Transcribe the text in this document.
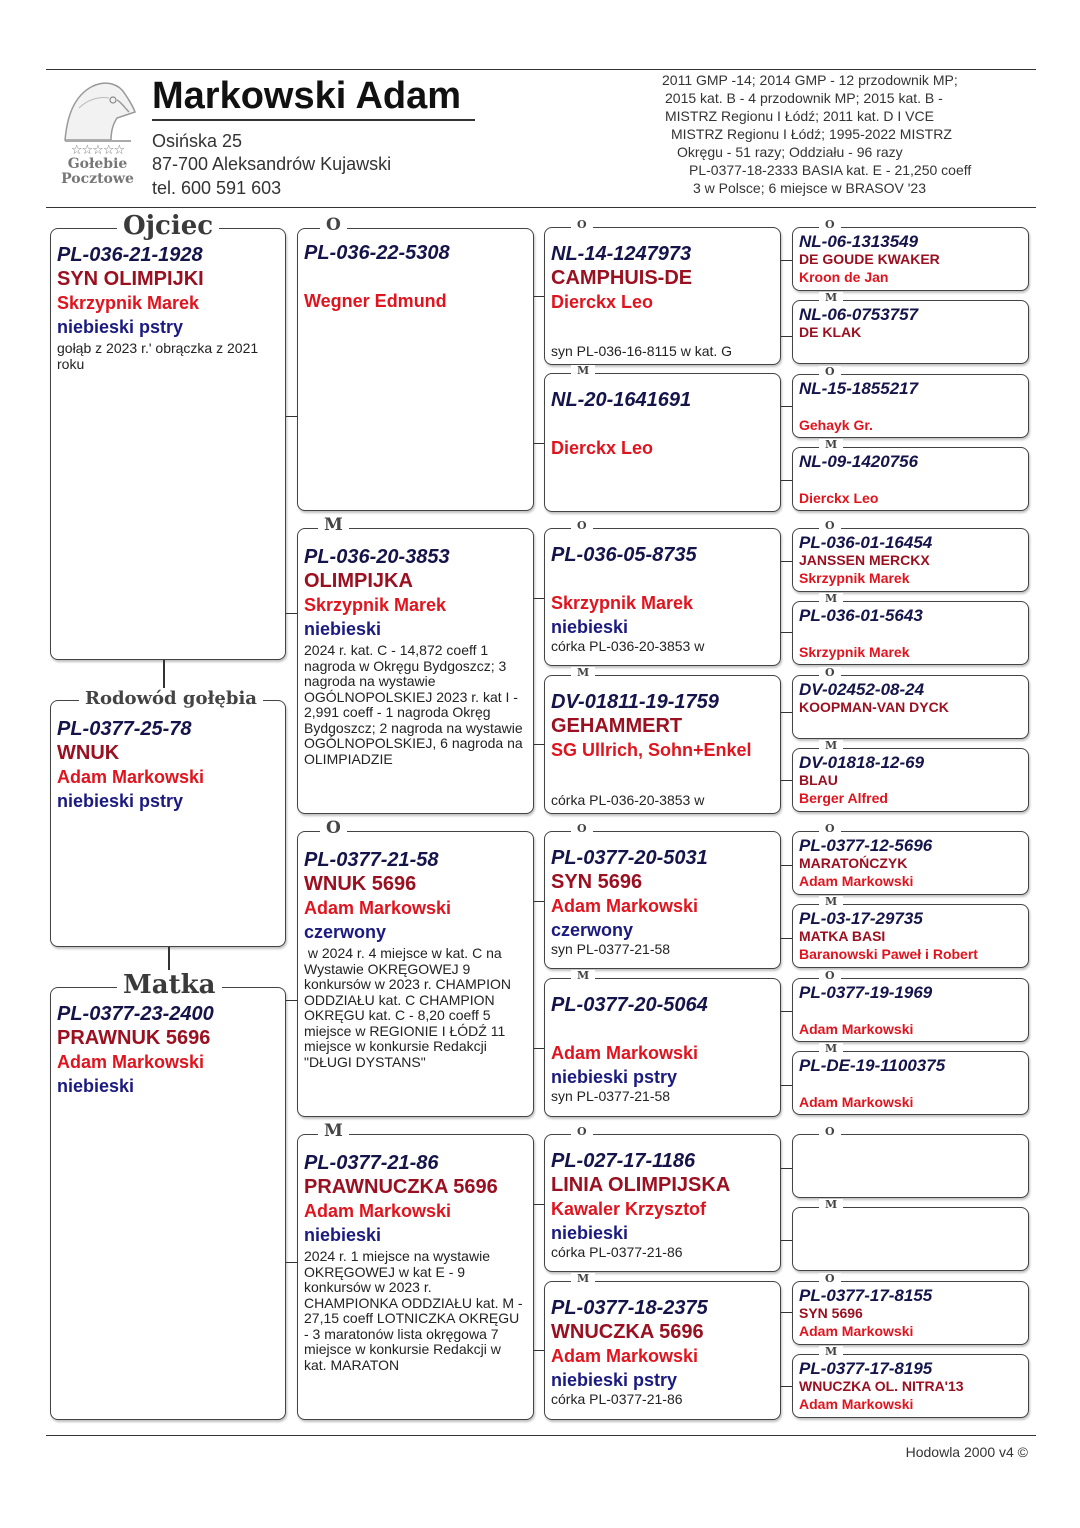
☆☆☆☆☆
Gołebie
Pocztowe
Markowski Adam
Osińska 25
87-700 Aleksandrów Kujawski
tel. 600 591 603
2011 GMP -14; 2014 GMP - 12 przodownik MP;
2015 kat. B - 4 przodownik MP; 2015 kat. B -
MISTRZ Regionu I Łódź; 2011 kat. D I VCE
MISTRZ Regionu I Łódź; 1995-2022 MISTRZ
Okręgu - 51 razy; Oddziału - 96 razy
PL-0377-18-2333 BASIA kat. E - 21,250 coeff
3 w Polsce; 6 miejsce w BRASOV '23
Ojciec
PL-036-21-1928
SYN OLIMPIJKI
Skrzypnik Marek
niebieski pstry
gołąb z 2023 r.' obrączka z 2021 roku
Rodowód gołębia
PL-0377-25-78
WNUK
Adam Markowski
niebieski pstry
Matka
PL-0377-23-2400
PRAWNUK 5696
Adam Markowski
niebieski
O
PL-036-22-5308
Wegner Edmund
M
PL-036-20-3853
OLIMPIJKA
Skrzypnik Marek
niebieski
2024 r. kat. C - 14,872 coeff 1 nagroda w Okręgu Bydgoszcz; 3 nagroda na wystawie OGÓLNOPOLSKIEJ 2023 r. kat I - 2,991 coeff - 1 nagroda Okręg Bydgoszcz; 2 nagroda na wystawie OGÓLNOPOLSKIEJ, 6 nagroda na OLIMPIADZIE
O
PL-0377-21-58
WNUK 5696
Adam Markowski
czerwony
w 2024 r. 4 miejsce w kat. C na Wystawie OKRĘGOWEJ 9 konkursów w 2023 r. CHAMPION ODDZIAŁU kat. C CHAMPION OKRĘGU kat. C - 8,20 coeff 5 miejsce w REGIONIE I ŁÓDŹ 11 miejsce w konkursie Redakcji "DŁUGI DYSTANS"
M
PL-0377-21-86
PRAWNUCZKA 5696
Adam Markowski
niebieski
2024 r. 1 miejsce na wystawie OKRĘGOWEJ w kat E - 9 konkursów w 2023 r. CHAMPIONKA ODDZIAŁU kat. M - 27,15 coeff LOTNICZKA OKRĘGU - 3 maratonów lista okręgowa 7 miejsce w konkursie Redakcji w kat. MARATON
O
NL-14-1247973
CAMPHUIS-DE
Dierckx Leo
syn PL-036-16-8115 w kat. G
M
NL-20-1641691
Dierckx Leo
O
PL-036-05-8735
Skrzypnik Marek
niebieski
córka PL-036-20-3853 w
M
DV-01811-19-1759
GEHAMMERT
SG Ullrich, Sohn+Enkel
córka PL-036-20-3853 w
O
PL-0377-20-5031
SYN 5696
Adam Markowski
czerwony
syn PL-0377-21-58
M
PL-0377-20-5064
Adam Markowski
niebieski pstry
syn PL-0377-21-58
O
PL-027-17-1186
LINIA OLIMPIJSKA
Kawaler Krzysztof
niebieski
córka PL-0377-21-86
M
PL-0377-18-2375
WNUCZKA 5696
Adam Markowski
niebieski pstry
córka PL-0377-21-86
O
NL-06-1313549
DE GOUDE KWAKER
Kroon de Jan
M
NL-06-0753757
DE KLAK
O
NL-15-1855217
Gehayk Gr.
M
NL-09-1420756
Dierckx Leo
O
PL-036-01-16454
JANSSEN MERCKX
Skrzypnik Marek
M
PL-036-01-5643
Skrzypnik Marek
O
DV-02452-08-24
KOOPMAN-VAN DYCK
M
DV-01818-12-69
BLAU
Berger Alfred
O
PL-0377-12-5696
MARATOŃCZYK
Adam Markowski
M
PL-03-17-29735
MATKA BASI
Baranowski Paweł i Robert
O
PL-0377-19-1969
Adam Markowski
M
PL-DE-19-1100375
Adam Markowski
O
M
O
PL-0377-17-8155
SYN 5696
Adam Markowski
M
PL-0377-17-8195
WNUCZKA OL. NITRA'13
Adam Markowski
Hodowla 2000 v4 ©
